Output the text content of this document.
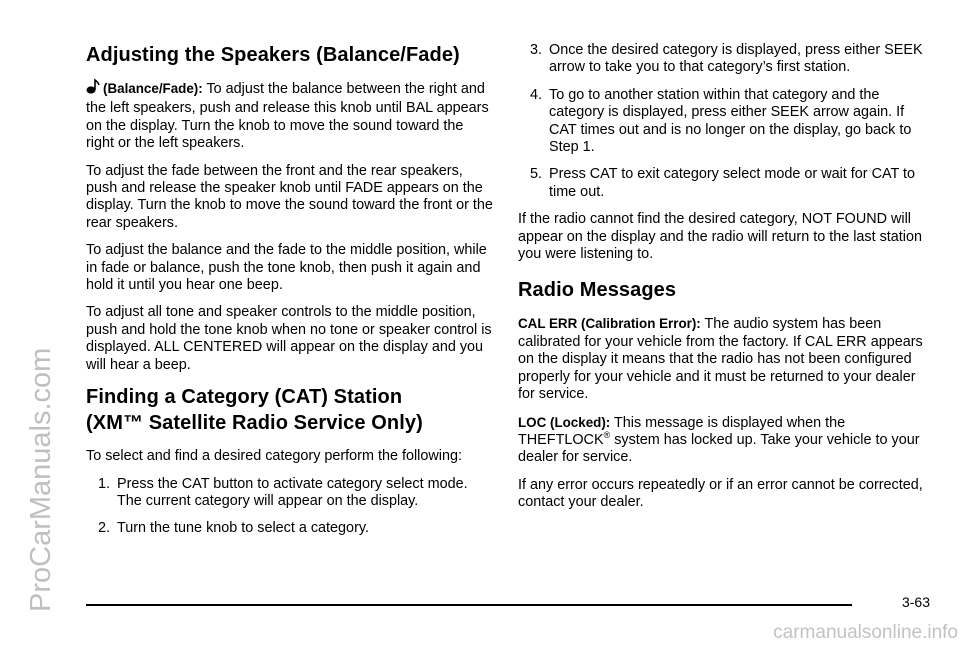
ProCarManuals.com
Adjusting the Speakers (Balance/Fade)

(Balance/Fade): To adjust the balance between the right and the left speakers, push and release this knob until BAL appears on the display. Turn the knob to move the sound toward the right or the left speakers.

To adjust the fade between the front and the rear speakers, push and release the speaker knob until FADE appears on the display. Turn the knob to move the sound toward the front or the rear speakers.

To adjust the balance and the fade to the middle position, while in fade or balance, push the tone knob, then push it again and hold it until you hear one beep.

To adjust all tone and speaker controls to the middle position, push and hold the tone knob when no tone or speaker control is displayed. ALL CENTERED will appear on the display and you will hear a beep.

Finding a Category (CAT) Station
(XM™ Satellite Radio Service Only)

To select and find a desired category perform the following:

1. Press the CAT button to activate category select mode. The current category will appear on the display.
2. Turn the tune knob to select a category.
3. Once the desired category is displayed, press either SEEK arrow to take you to that category’s first station.
4. To go to another station within that category and the category is displayed, press either SEEK arrow again. If CAT times out and is no longer on the display, go back to Step 1.
5. Press CAT to exit category select mode or wait for CAT to time out.

If the radio cannot find the desired category, NOT FOUND will appear on the display and the radio will return to the last station you were listening to.

Radio Messages

CAL ERR (Calibration Error): The audio system has been calibrated for your vehicle from the factory. If CAL ERR appears on the display it means that the radio has not been configured properly for your vehicle and it must be returned to your dealer for service.

LOC (Locked): This message is displayed when the THEFTLOCK® system has locked up. Take your vehicle to your dealer for service.

If any error occurs repeatedly or if an error cannot be corrected, contact your dealer.

3-63
carmanualsonline.info
